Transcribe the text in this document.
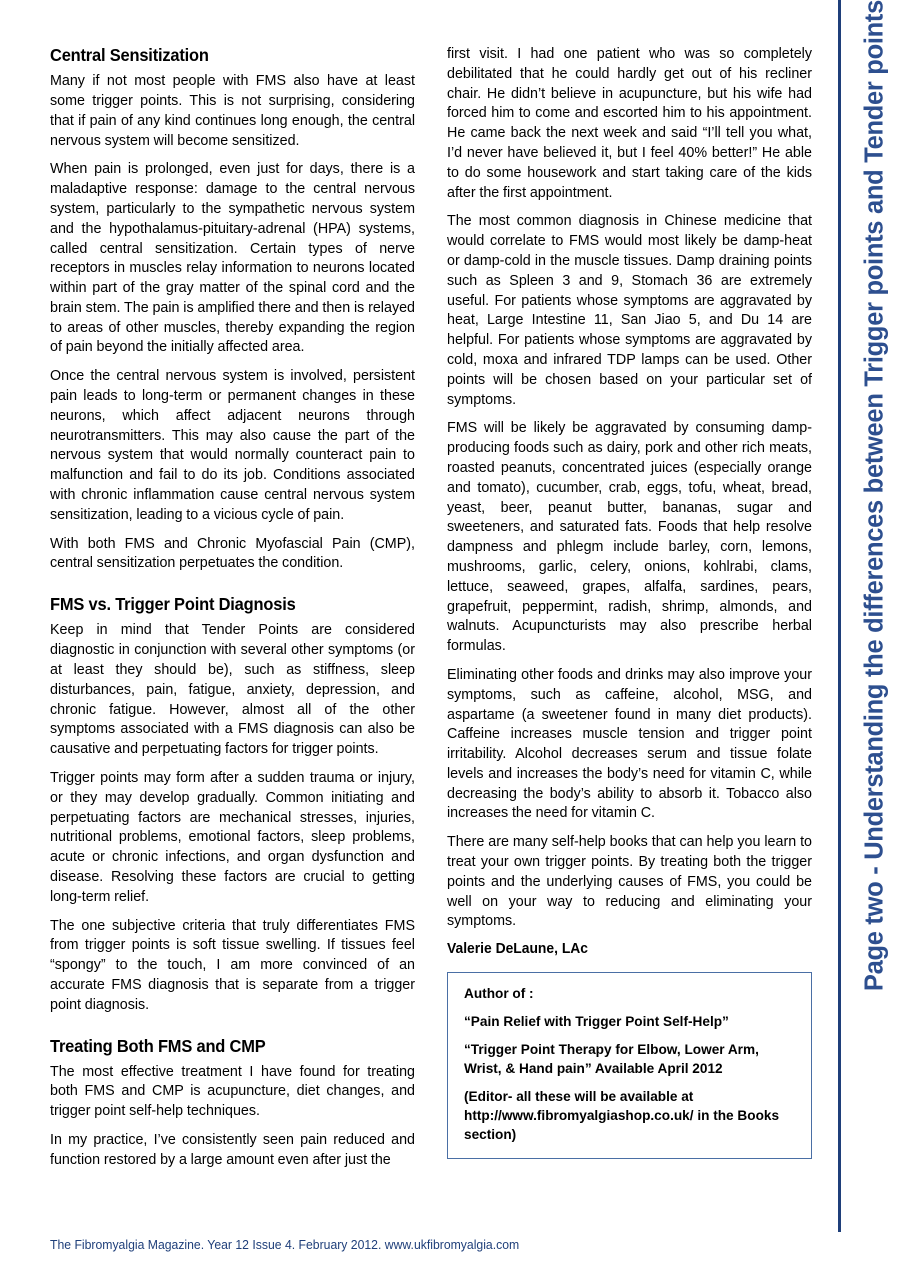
Central Sensitization

Many if not most people with FMS also have at least some trigger points. This is not surprising, considering that if pain of any kind continues long enough, the central nervous system will become sensitized.

When pain is prolonged, even just for days, there is a maladaptive response: damage to the central nervous system, particularly to the sympathetic nervous system and the hypothalamus-pituitary-adrenal (HPA) systems, called central sensitization. Certain types of nerve receptors in muscles relay information to neurons located within part of the gray matter of the spinal cord and the brain stem. The pain is amplified there and then is relayed to areas of other muscles, thereby expanding the region of pain beyond the initially affected area.

Once the central nervous system is involved, persistent pain leads to long-term or permanent changes in these neurons, which affect adjacent neurons through neurotransmitters. This may also cause the part of the nervous system that would normally counteract pain to malfunction and fail to do its job. Conditions associated with chronic inflammation cause central nervous system sensitization, leading to a vicious cycle of pain.

With both FMS and Chronic Myofascial Pain (CMP), central sensitization perpetuates the condition.

FMS vs. Trigger Point Diagnosis

Keep in mind that Tender Points are considered diagnostic in conjunction with several other symptoms (or at least they should be), such as stiffness, sleep disturbances, pain, fatigue, anxiety, depression, and chronic fatigue. However, almost all of the other symptoms associated with a FMS diagnosis can also be causative and perpetuating factors for trigger points.

Trigger points may form after a sudden trauma or injury, or they may develop gradually. Common initiating and perpetuating factors are mechanical stresses, injuries, nutritional problems, emotional factors, sleep problems, acute or chronic infections, and organ dysfunction and disease. Resolving these factors are crucial to getting long-term relief.

The one subjective criteria that truly differentiates FMS from trigger points is soft tissue swelling. If tissues feel “spongy” to the touch, I am more convinced of an accurate FMS diagnosis that is separate from a trigger point diagnosis.

Treating Both FMS and CMP

The most effective treatment I have found for treating both FMS and CMP is acupuncture, diet changes, and trigger point self-help techniques.

In my practice, I’ve consistently seen pain reduced and function restored by a large amount even after just the

first visit. I had one patient who was so completely debilitated that he could hardly get out of his recliner chair. He didn’t believe in acupuncture, but his wife had forced him to come and escorted him to his appointment. He came back the next week and said “I’ll tell you what, I’d never have believed it, but I feel 40% better!” He able to do some housework and start taking care of the kids after the first appointment.

The most common diagnosis in Chinese medicine that would correlate to FMS would most likely be damp-heat or damp-cold in the muscle tissues. Damp draining points such as Spleen 3 and 9, Stomach 36 are extremely useful. For patients whose symptoms are aggravated by heat, Large Intestine 11, San Jiao 5, and Du 14 are helpful. For patients whose symptoms are aggravated by cold, moxa and infrared TDP lamps can be used. Other points will be chosen based on your particular set of symptoms.

FMS will be likely be aggravated by consuming damp-producing foods such as dairy, pork and other rich meats, roasted peanuts, concentrated juices (especially orange and tomato), cucumber, crab, eggs, tofu, wheat, bread, yeast, beer, peanut butter, bananas, sugar and sweeteners, and saturated fats. Foods that help resolve dampness and phlegm include barley, corn, lemons, mushrooms, garlic, celery, onions, kohlrabi, clams, lettuce, seaweed, grapes, alfalfa, sardines, pears, grapefruit, peppermint, radish, shrimp, almonds, and walnuts. Acupuncturists may also prescribe herbal formulas.

Eliminating other foods and drinks may also improve your symptoms, such as caffeine, alcohol, MSG, and aspartame (a sweetener found in many diet products). Caffeine increases muscle tension and trigger point irritability. Alcohol decreases serum and tissue folate levels and increases the body’s need for vitamin C, while decreasing the body’s ability to absorb it. Tobacco also increases the need for vitamin C.

There are many self-help books that can help you learn to treat your own trigger points. By treating both the trigger points and the underlying causes of FMS, you could be well on your way to reducing and eliminating your symptoms.

Valerie DeLaune, LAc

Author of :

“Pain Relief with Trigger Point Self-Help”

“Trigger Point Therapy for Elbow, Lower Arm, Wrist, & Hand pain” Available April 2012

(Editor- all these will be available at http://www.fibromyalgiashop.co.uk/ in the Books section)

The Fibromyalgia Magazine. Year 12 Issue 4. February 2012. www.ukfibromyalgia.com
Page two - Understanding the differences between Trigger points and Tender points
